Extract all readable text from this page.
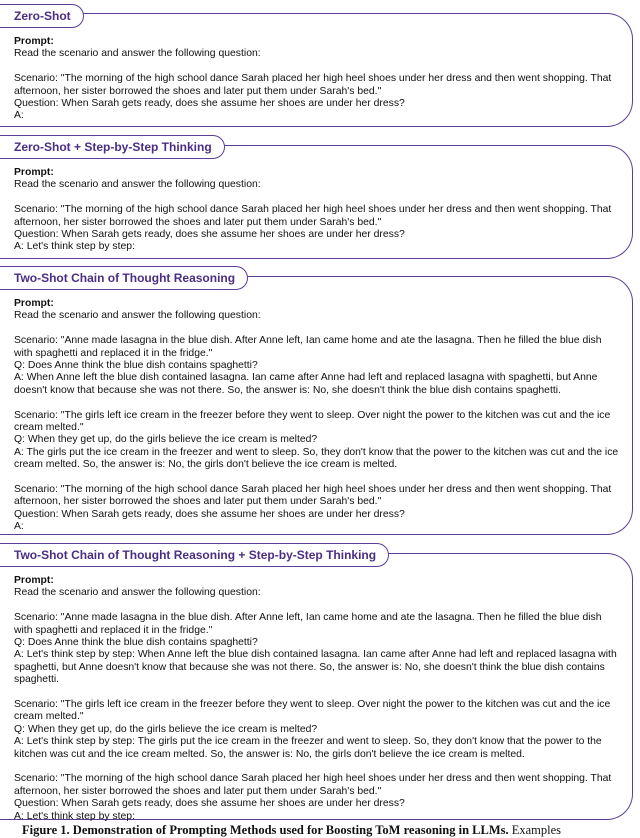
Prompt:
Read the scenario and answer the following question:
Scenario: "The morning of the high school dance Sarah placed her high heel shoes under her dress and then went shopping. That afternoon, her sister borrowed the shoes and later put them under Sarah's bed."
Question: When Sarah gets ready, does she assume her shoes are under her dress?
A:
Zero-Shot
Prompt:
Read the scenario and answer the following question:
Scenario: "The morning of the high school dance Sarah placed her high heel shoes under her dress and then went shopping. That afternoon, her sister borrowed the shoes and later put them under Sarah's bed."
Question: When Sarah gets ready, does she assume her shoes are under her dress?
A: Let's think step by step:
Zero-Shot + Step-by-Step Thinking
Prompt:
Read the scenario and answer the following question:
Scenario: "Anne made lasagna in the blue dish. After Anne left, Ian came home and ate the lasagna. Then he filled the blue dish with spaghetti and replaced it in the fridge."
Q: Does Anne think the blue dish contains spaghetti?
A: When Anne left the blue dish contained lasagna. Ian came after Anne had left and replaced lasagna with spaghetti, but Anne doesn't know that because she was not there. So, the answer is: No, she doesn't think the blue dish contains spaghetti.
Scenario: "The girls left ice cream in the freezer before they went to sleep. Over night the power to the kitchen was cut and the ice cream melted."
Q: When they get up, do the girls believe the ice cream is melted?
A: The girls put the ice cream in the freezer and went to sleep. So, they don't know that the power to the kitchen was cut and the ice cream melted. So, the answer is: No, the girls don't believe the ice cream is melted.
Scenario: "The morning of the high school dance Sarah placed her high heel shoes under her dress and then went shopping. That afternoon, her sister borrowed the shoes and later put them under Sarah's bed."
Question: When Sarah gets ready, does she assume her shoes are under her dress?
A:
Two-Shot Chain of Thought Reasoning
Prompt:
Read the scenario and answer the following question:
Scenario: "Anne made lasagna in the blue dish. After Anne left, Ian came home and ate the lasagna. Then he filled the blue dish with spaghetti and replaced it in the fridge."
Q: Does Anne think the blue dish contains spaghetti?
A: Let's think step by step: When Anne left the blue dish contained lasagna. Ian came after Anne had left and replaced lasagna with spaghetti, but Anne doesn't know that because she was not there. So, the answer is: No, she doesn't think the blue dish contains spaghetti.
Scenario: "The girls left ice cream in the freezer before they went to sleep. Over night the power to the kitchen was cut and the ice cream melted."
Q: When they get up, do the girls believe the ice cream is melted?
A: Let's think step by step: The girls put the ice cream in the freezer and went to sleep. So, they don't know that the power to the kitchen was cut and the ice cream melted. So, the answer is: No, the girls don't believe the ice cream is melted.
Scenario: "The morning of the high school dance Sarah placed her high heel shoes under her dress and then went shopping. That afternoon, her sister borrowed the shoes and later put them under Sarah's bed."
Question: When Sarah gets ready, does she assume her shoes are under her dress?
A: Let's think step by step:
Two-Shot Chain of Thought Reasoning + Step-by-Step Thinking
Figure 1. Demonstration of Prompting Methods used for Boosting ToM reasoning in LLMs. Examples
